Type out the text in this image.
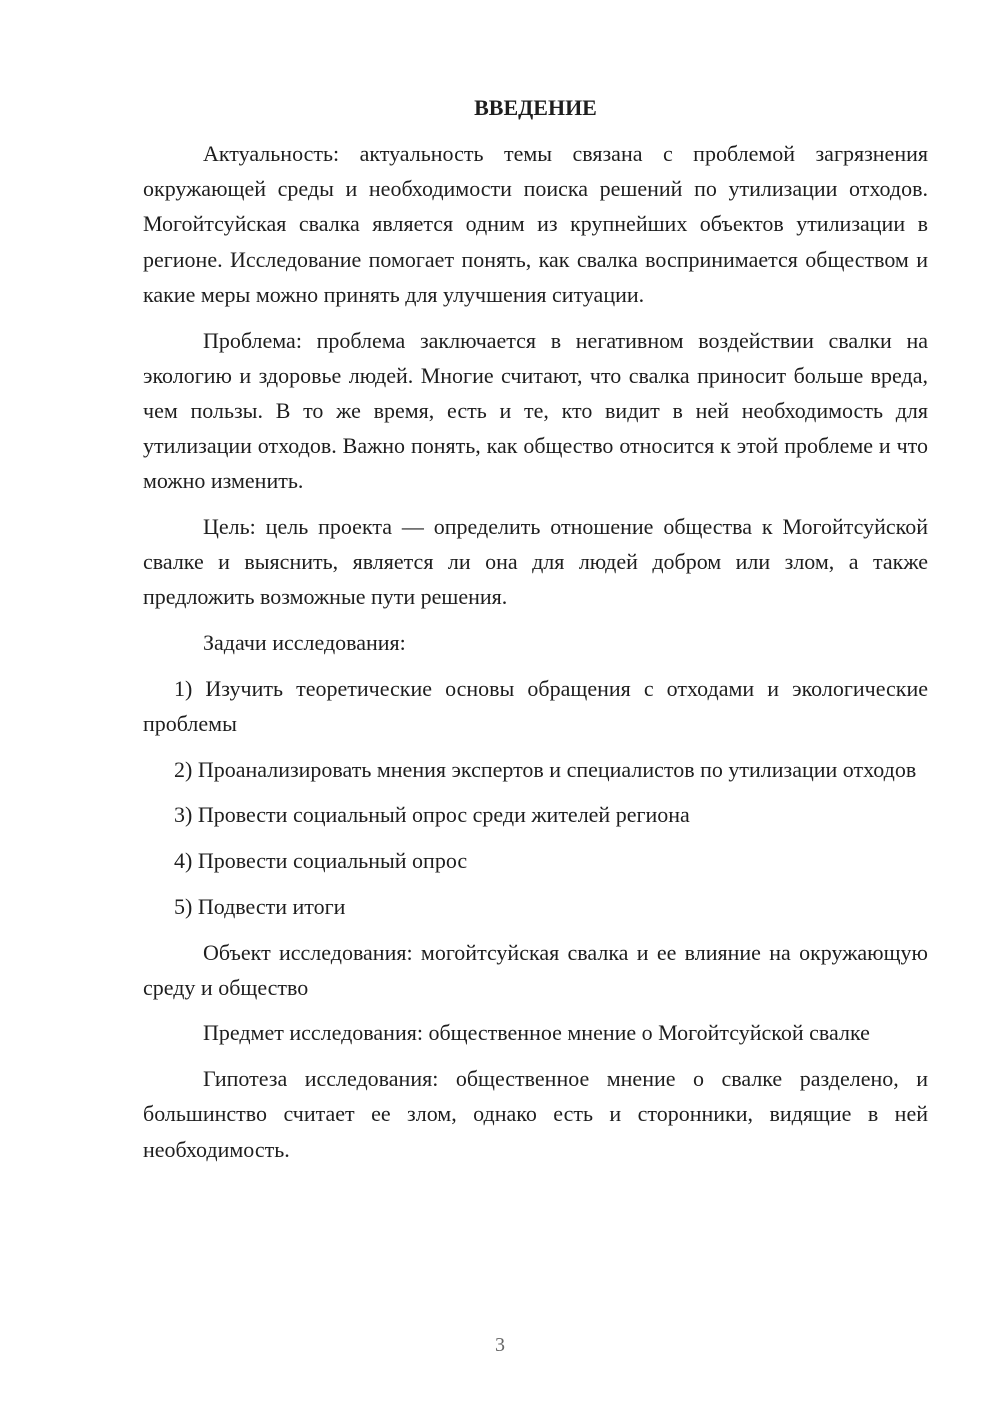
ВВЕДЕНИЕ

Актуальность: актуальность темы связана с проблемой загрязнения окружающей среды и необходимости поиска решений по утилизации отходов. Могойтсуйская свалка является одним из крупнейших объектов утилизации в регионе. Исследование помогает понять, как свалка воспринимается обществом и какие меры можно принять для улучшения ситуации.

Проблема: проблема заключается в негативном воздействии свалки на экологию и здоровье людей. Многие считают, что свалка приносит больше вреда, чем пользы. В то же время, есть и те, кто видит в ней необходимость для утилизации отходов. Важно понять, как общество относится к этой проблеме и что можно изменить.

Цель: цель проекта — определить отношение общества к Могойтсуйской свалке и выяснить, является ли она для людей добром или злом, а также предложить возможные пути решения.

Задачи исследования:

1) Изучить теоретические основы обращения с отходами и экологические проблемы

2) Проанализировать мнения экспертов и специалистов по утилизации отходов

3) Провести социальный опрос среди жителей региона

4) Провести социальный опрос

5) Подвести итоги

Объект исследования: могойтсуйская свалка и ее влияние на окружающую среду и общество

Предмет исследования: общественное мнение о Могойтсуйской свалке

Гипотеза исследования: общественное мнение о свалке разделено, и большинство считает ее злом, однако есть и сторонники, видящие в ней необходимость.

3
